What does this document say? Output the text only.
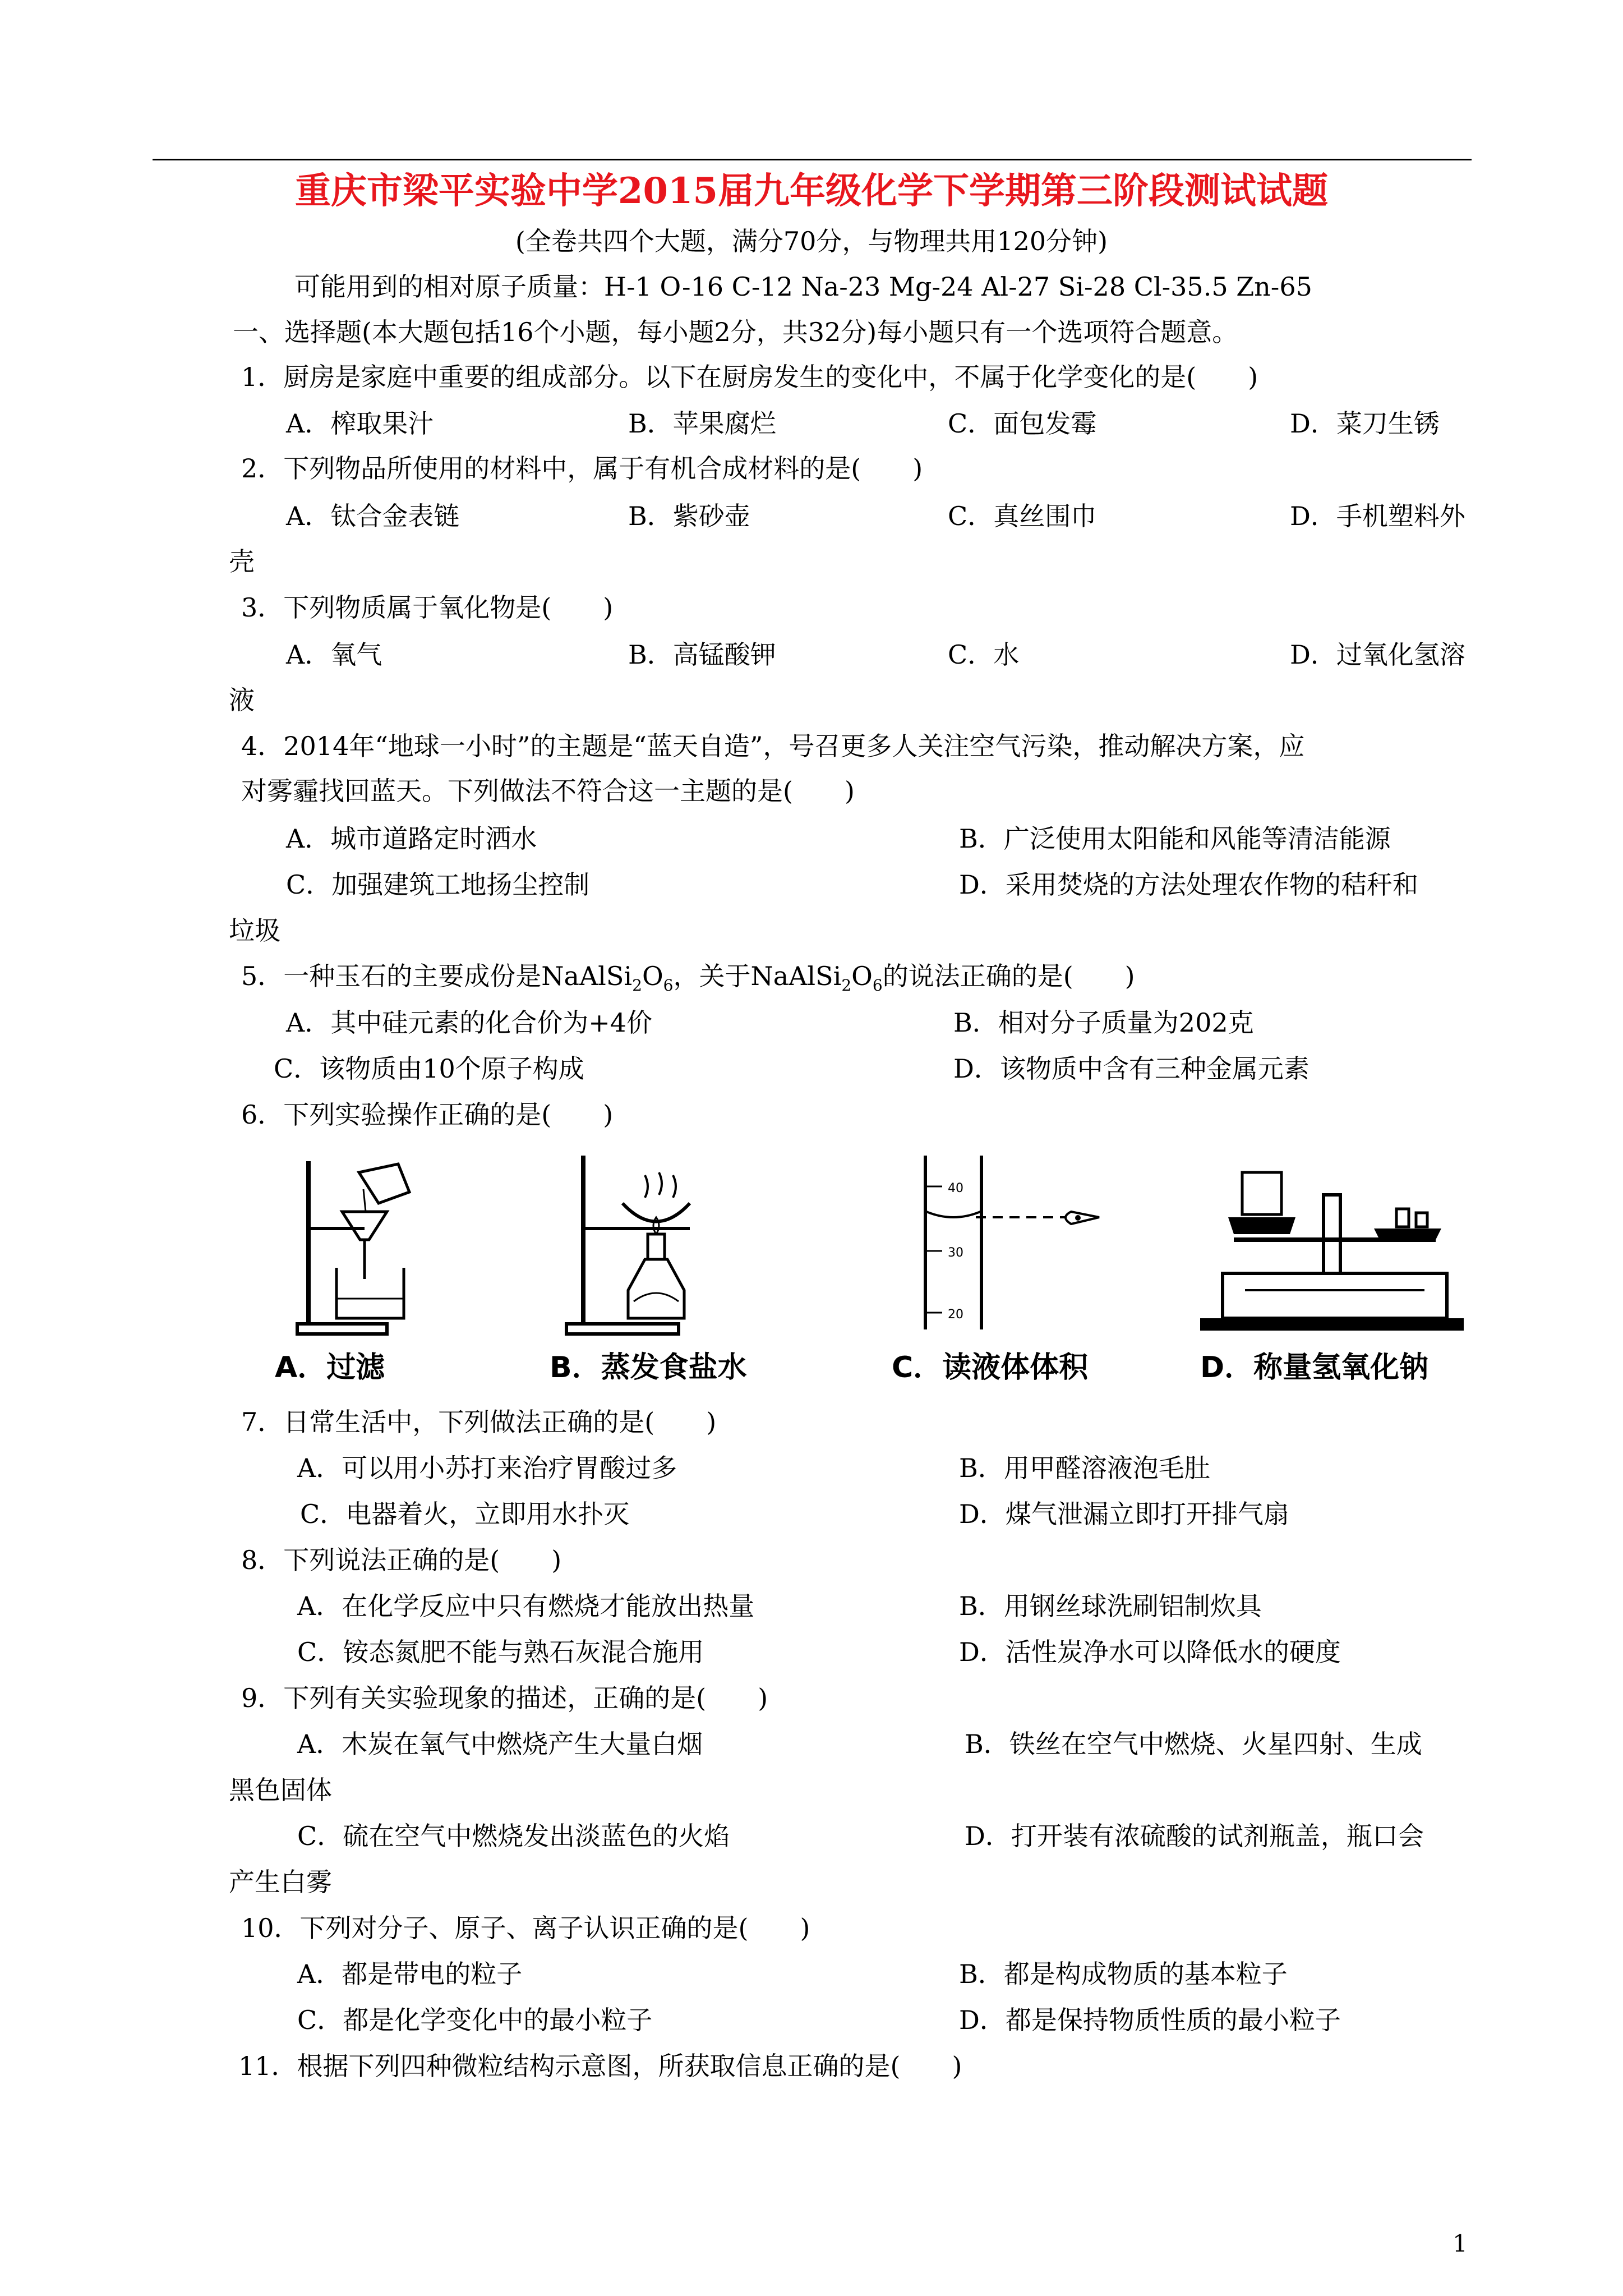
重庆市梁平实验中学2015届九年级化学下学期第三阶段测试试题
(全卷共四个大题，满分70分，与物理共用120分钟)
可能用到的相对原子质量：H-1 O-16 C-12 Na-23 Mg-24 Al-27 Si-28 Cl-35.5 Zn-65
一、选择题(本大题包括16个小题，每小题2分，共32分)每小题只有一个选项符合题意。
1．厨房是家庭中重要的组成部分。以下在厨房发生的变化中，不属于化学变化的是(　　)
A．榨取果汁	B．苹果腐烂	C．面包发霉	D．菜刀生锈
2．下列物品所使用的材料中，属于有机合成材料的是(　　)
A．钛合金表链	B．紫砂壶	C．真丝围巾	D．手机塑料外
壳
3．下列物质属于氧化物是(　　)
A．氧气	B．高锰酸钾	C．水	D．过氧化氢溶
液
4．2014年“地球一小时”的主题是“蓝天自造”，号召更多人关注空气污染，推动解决方案，应
对雾霾找回蓝天。下列做法不符合这一主题的是(　　)
A．城市道路定时洒水	B．广泛使用太阳能和风能等清洁能源
C．加强建筑工地扬尘控制	D．采用焚烧的方法处理农作物的秸秆和
垃圾
5．一种玉石的主要成份是$NaAlSi_2O_6$，关于$NaAlSi_2O_6$的说法正确的是(　　)
A．其中硅元素的化合价为+4价	B．相对分子质量为202克
C．该物质由10个原子构成	D．该物质中含有三种金属元素
6．下列实验操作正确的是(　　)
A．过滤	B．蒸发食盐水
40
30
20
C．读液体体积	D．称量氢氧化钠
7．日常生活中，下列做法正确的是(　　)
A．可以用小苏打来治疗胃酸过多	B．用甲醛溶液泡毛肚
C．电器着火，立即用水扑灭	D．煤气泄漏立即打开排气扇
8．下列说法正确的是(　　)
A．在化学反应中只有燃烧才能放出热量	B．用钢丝球洗刷铝制炊具
C．铵态氮肥不能与熟石灰混合施用	D．活性炭净水可以降低水的硬度
9．下列有关实验现象的描述，正确的是(　　)
A．木炭在氧气中燃烧产生大量白烟	B．铁丝在空气中燃烧、火星四射、生成
黑色固体
C．硫在空气中燃烧发出淡蓝色的火焰	D．打开装有浓硫酸的试剂瓶盖，瓶口会
产生白雾
10．下列对分子、原子、离子认识正确的是(　　)
A．都是带电的粒子	B．都是构成物质的基本粒子
C．都是化学变化中的最小粒子	D．都是保持物质性质的最小粒子
11．根据下列四种微粒结构示意图，所获取信息正确的是(　　)
1
